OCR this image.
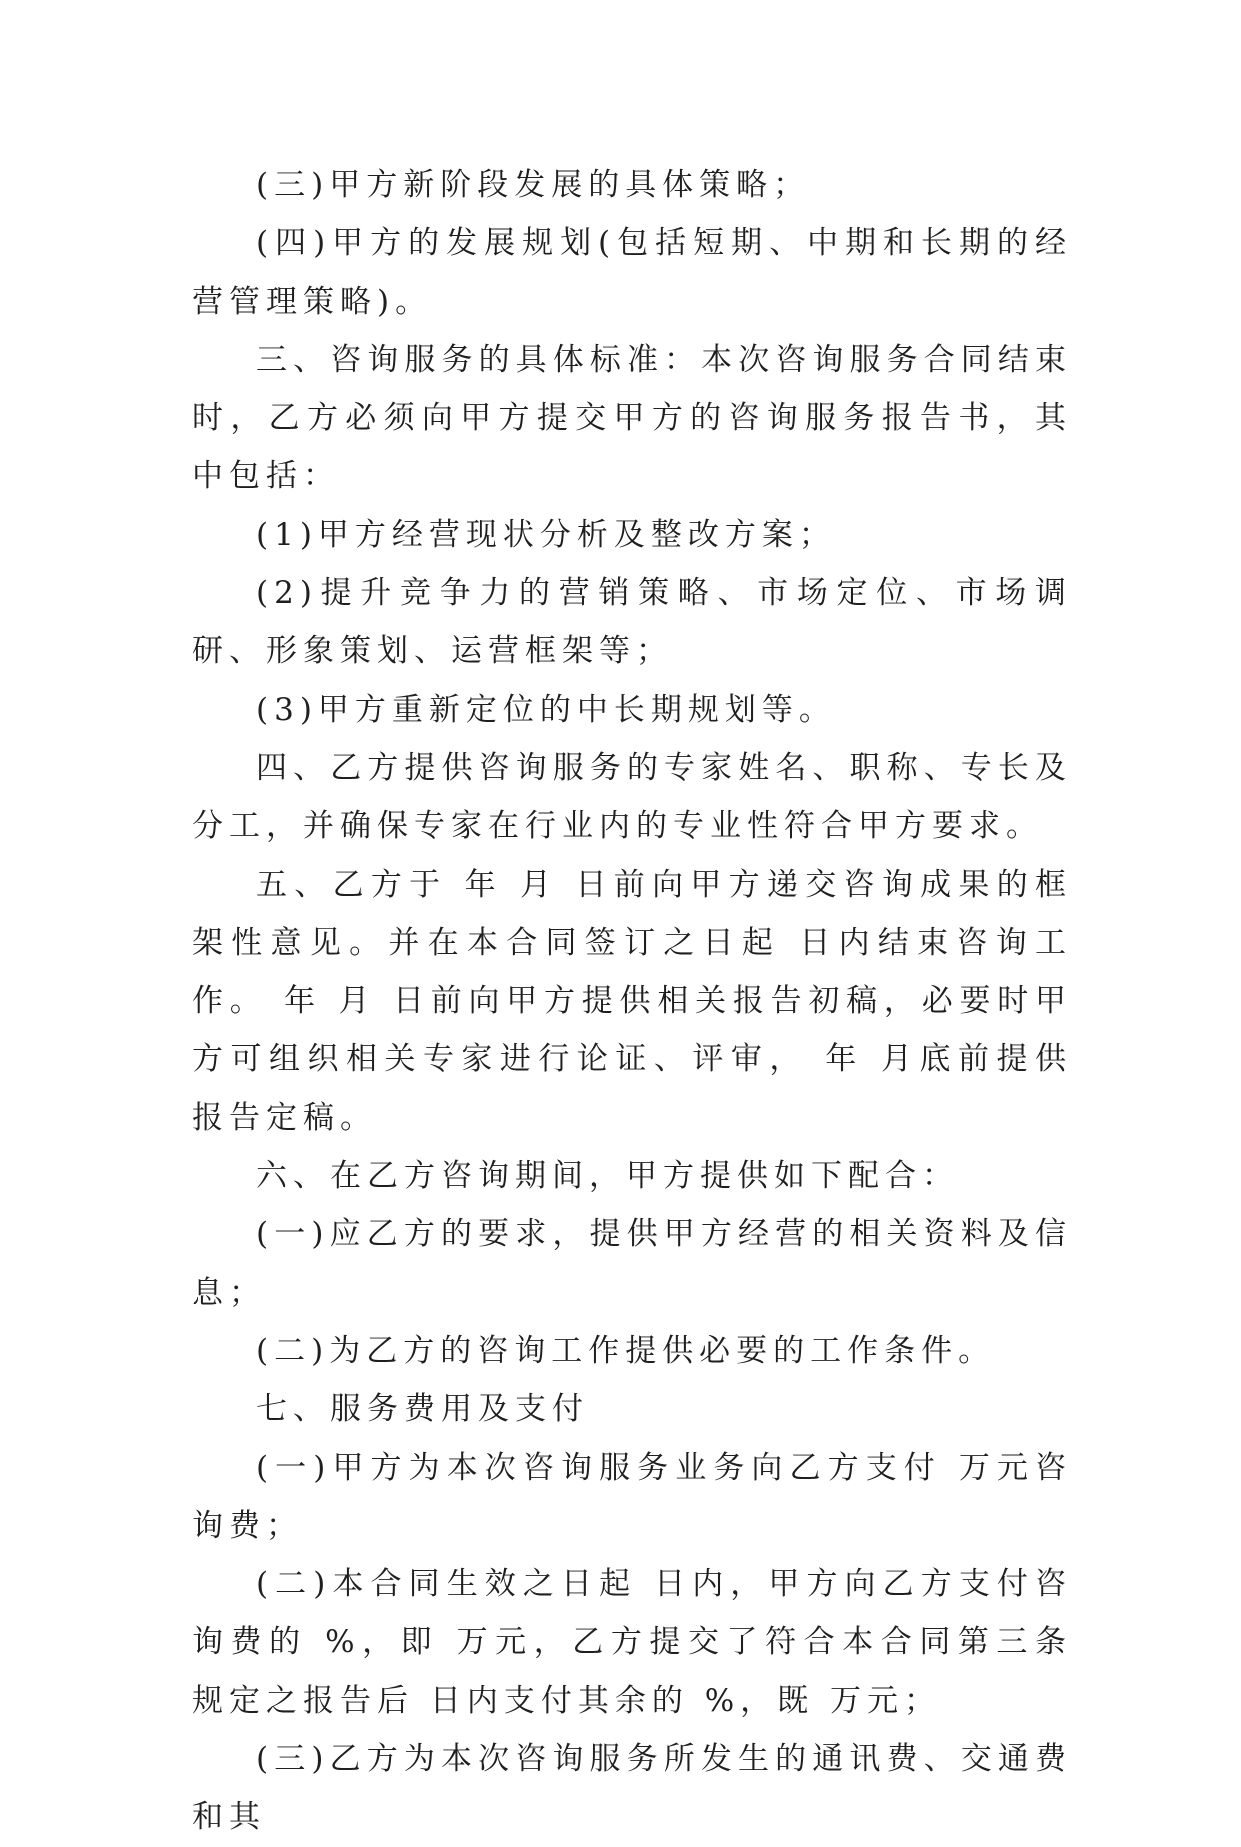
(三)甲方新阶段发展的具体策略；

(四)甲方的发展规划(包括短期、中期和长期的经营管理策略)。

三、咨询服务的具体标准：本次咨询服务合同结束时，乙方必须向甲方提交甲方的咨询服务报告书，其中包括：

(1)甲方经营现状分析及整改方案；

(2)提升竞争力的营销策略、市场定位、市场调研、形象策划、运营框架等；

(3)甲方重新定位的中长期规划等。

四、乙方提供咨询服务的专家姓名、职称、专长及分工，并确保专家在行业内的专业性符合甲方要求。

五、乙方于 年 月 日前向甲方递交咨询成果的框架性意见。并在本合同签订之日起 日内结束咨询工作。 年 月 日前向甲方提供相关报告初稿，必要时甲方可组织相关专家进行论证、评审， 年 月底前提供报告定稿。

六、在乙方咨询期间，甲方提供如下配合：

(一)应乙方的要求，提供甲方经营的相关资料及信息；

(二)为乙方的咨询工作提供必要的工作条件。

七、服务费用及支付

(一)甲方为本次咨询服务业务向乙方支付 万元咨询费；

(二)本合同生效之日起 日内，甲方向乙方支付咨询费的 %，即 万元，乙方提交了符合本合同第三条规定之报告后 日内支付其余的 %，既 万元；

(三)乙方为本次咨询服务所发生的通讯费、交通费和其
